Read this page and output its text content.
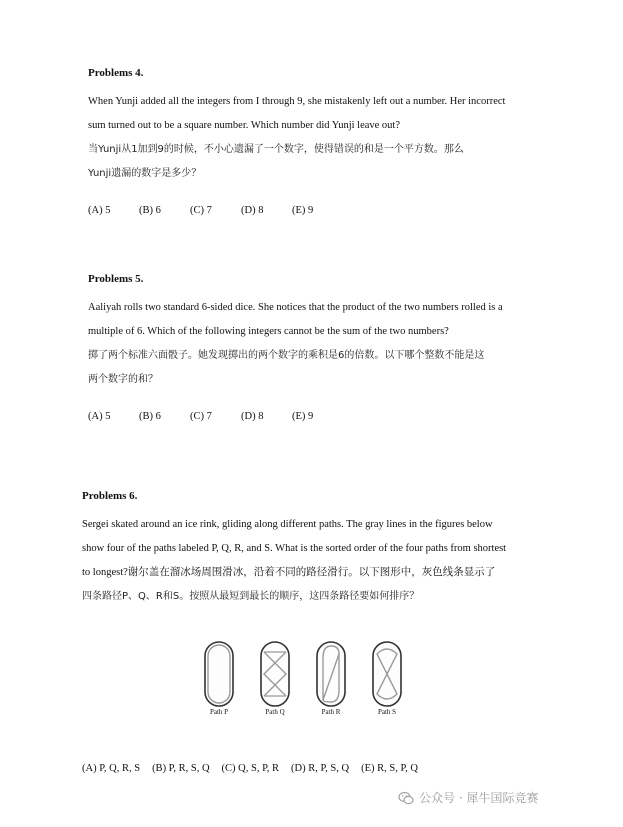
Problems 4.
When Yunji added all the integers from I through 9, she mistakenly left out a number. Her incorrect
sum turned out to be a square number. Which number did Yunji leave out?
当Yunji从1加到9的时候，不小心遗漏了一个数字，使得错误的和是一个平方数。那么
Yunji遗漏的数字是多少？
(A) 5	(B) 6	(C) 7	(D) 8	(E) 9
Problems 5.
Aaliyah rolls two standard 6-sided dice. She notices that the product of the two numbers rolled is a
multiple of 6. Which of the following integers cannot be the sum of the two numbers?
掷了两个标准六面骰子。她发现掷出的两个数字的乘积是6的倍数。以下哪个整数不能是这
两个数字的和？
(A) 5	(B) 6	(C) 7	(D) 8	(E) 9
Problems 6.
Sergei skated around an ice rink, gliding along different paths. The gray lines in the figures below
show four of the paths labeled P, Q, R, and S. What is the sorted order of the four paths from shortest
to longest?谢尔盖在溜冰场周围滑冰，沿着不同的路径滑行。以下图形中，灰色线条显示了
四条路径P、Q、R和S。按照从最短到最长的顺序，这四条路径要如何排序？
Path P	Path Q	Path R	Path S
(A) P, Q, R, S (B) P, R, S, Q (C) Q, S, P, R (D) R, P, S, Q (E) R, S, P, Q
公众号 · 犀牛国际竞赛
